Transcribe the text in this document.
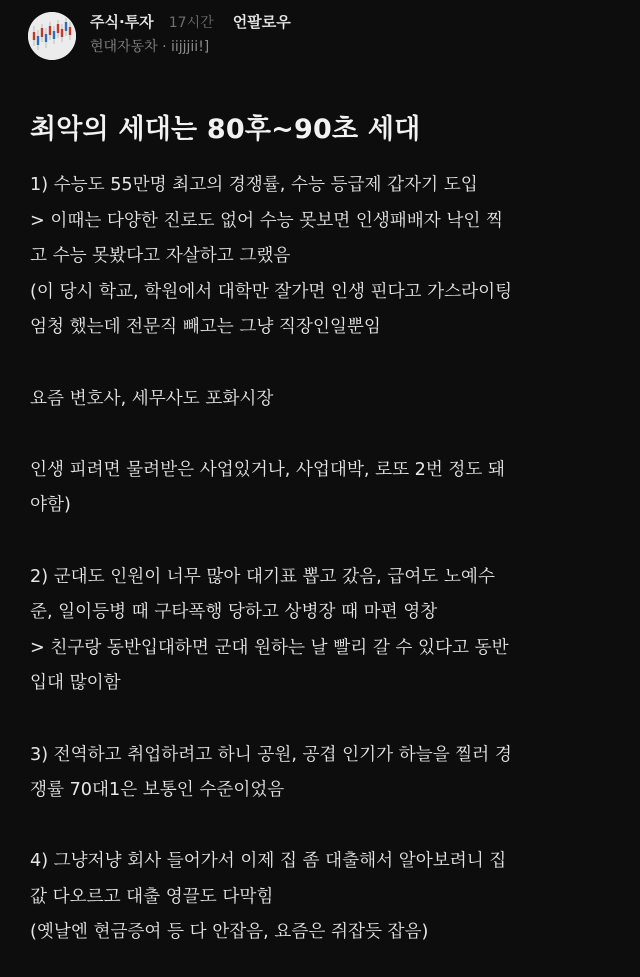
주식·투자 17시간 언팔로우
현대자동차 · iijjjii!]
최악의 세대는 80후~90초 세대
1) 수능도 55만명 최고의 경쟁률, 수능 등급제 갑자기 도입
> 이때는 다양한 진로도 없어 수능 못보면 인생패배자 낙인 찍
고 수능 못봤다고 자살하고 그랬음
(이 당시 학교, 학원에서 대학만 잘가면 인생 핀다고 가스라이팅
엄청 했는데 전문직 빼고는 그냥 직장인일뿐임
요즘 변호사, 세무사도 포화시장
인생 피려면 물려받은 사업있거나, 사업대박, 로또 2번 정도 돼
야함)
2) 군대도 인원이 너무 많아 대기표 뽑고 갔음, 급여도 노예수
준, 일이등병 때 구타폭행 당하고 상병장 때 마편 영창
> 친구랑 동반입대하면 군대 원하는 날 빨리 갈 수 있다고 동반
입대 많이함
3) 전역하고 취업하려고 하니 공원, 공겹 인기가 하늘을 찔러 경
쟁률 70대1은 보통인 수준이었음
4) 그냥저냥 회사 들어가서 이제 집 좀 대출해서 알아보려니 집
값 다오르고 대출 영끌도 다막힘
(옛날엔 현금증여 등 다 안잡음, 요즘은 쥐잡듯 잡음)
